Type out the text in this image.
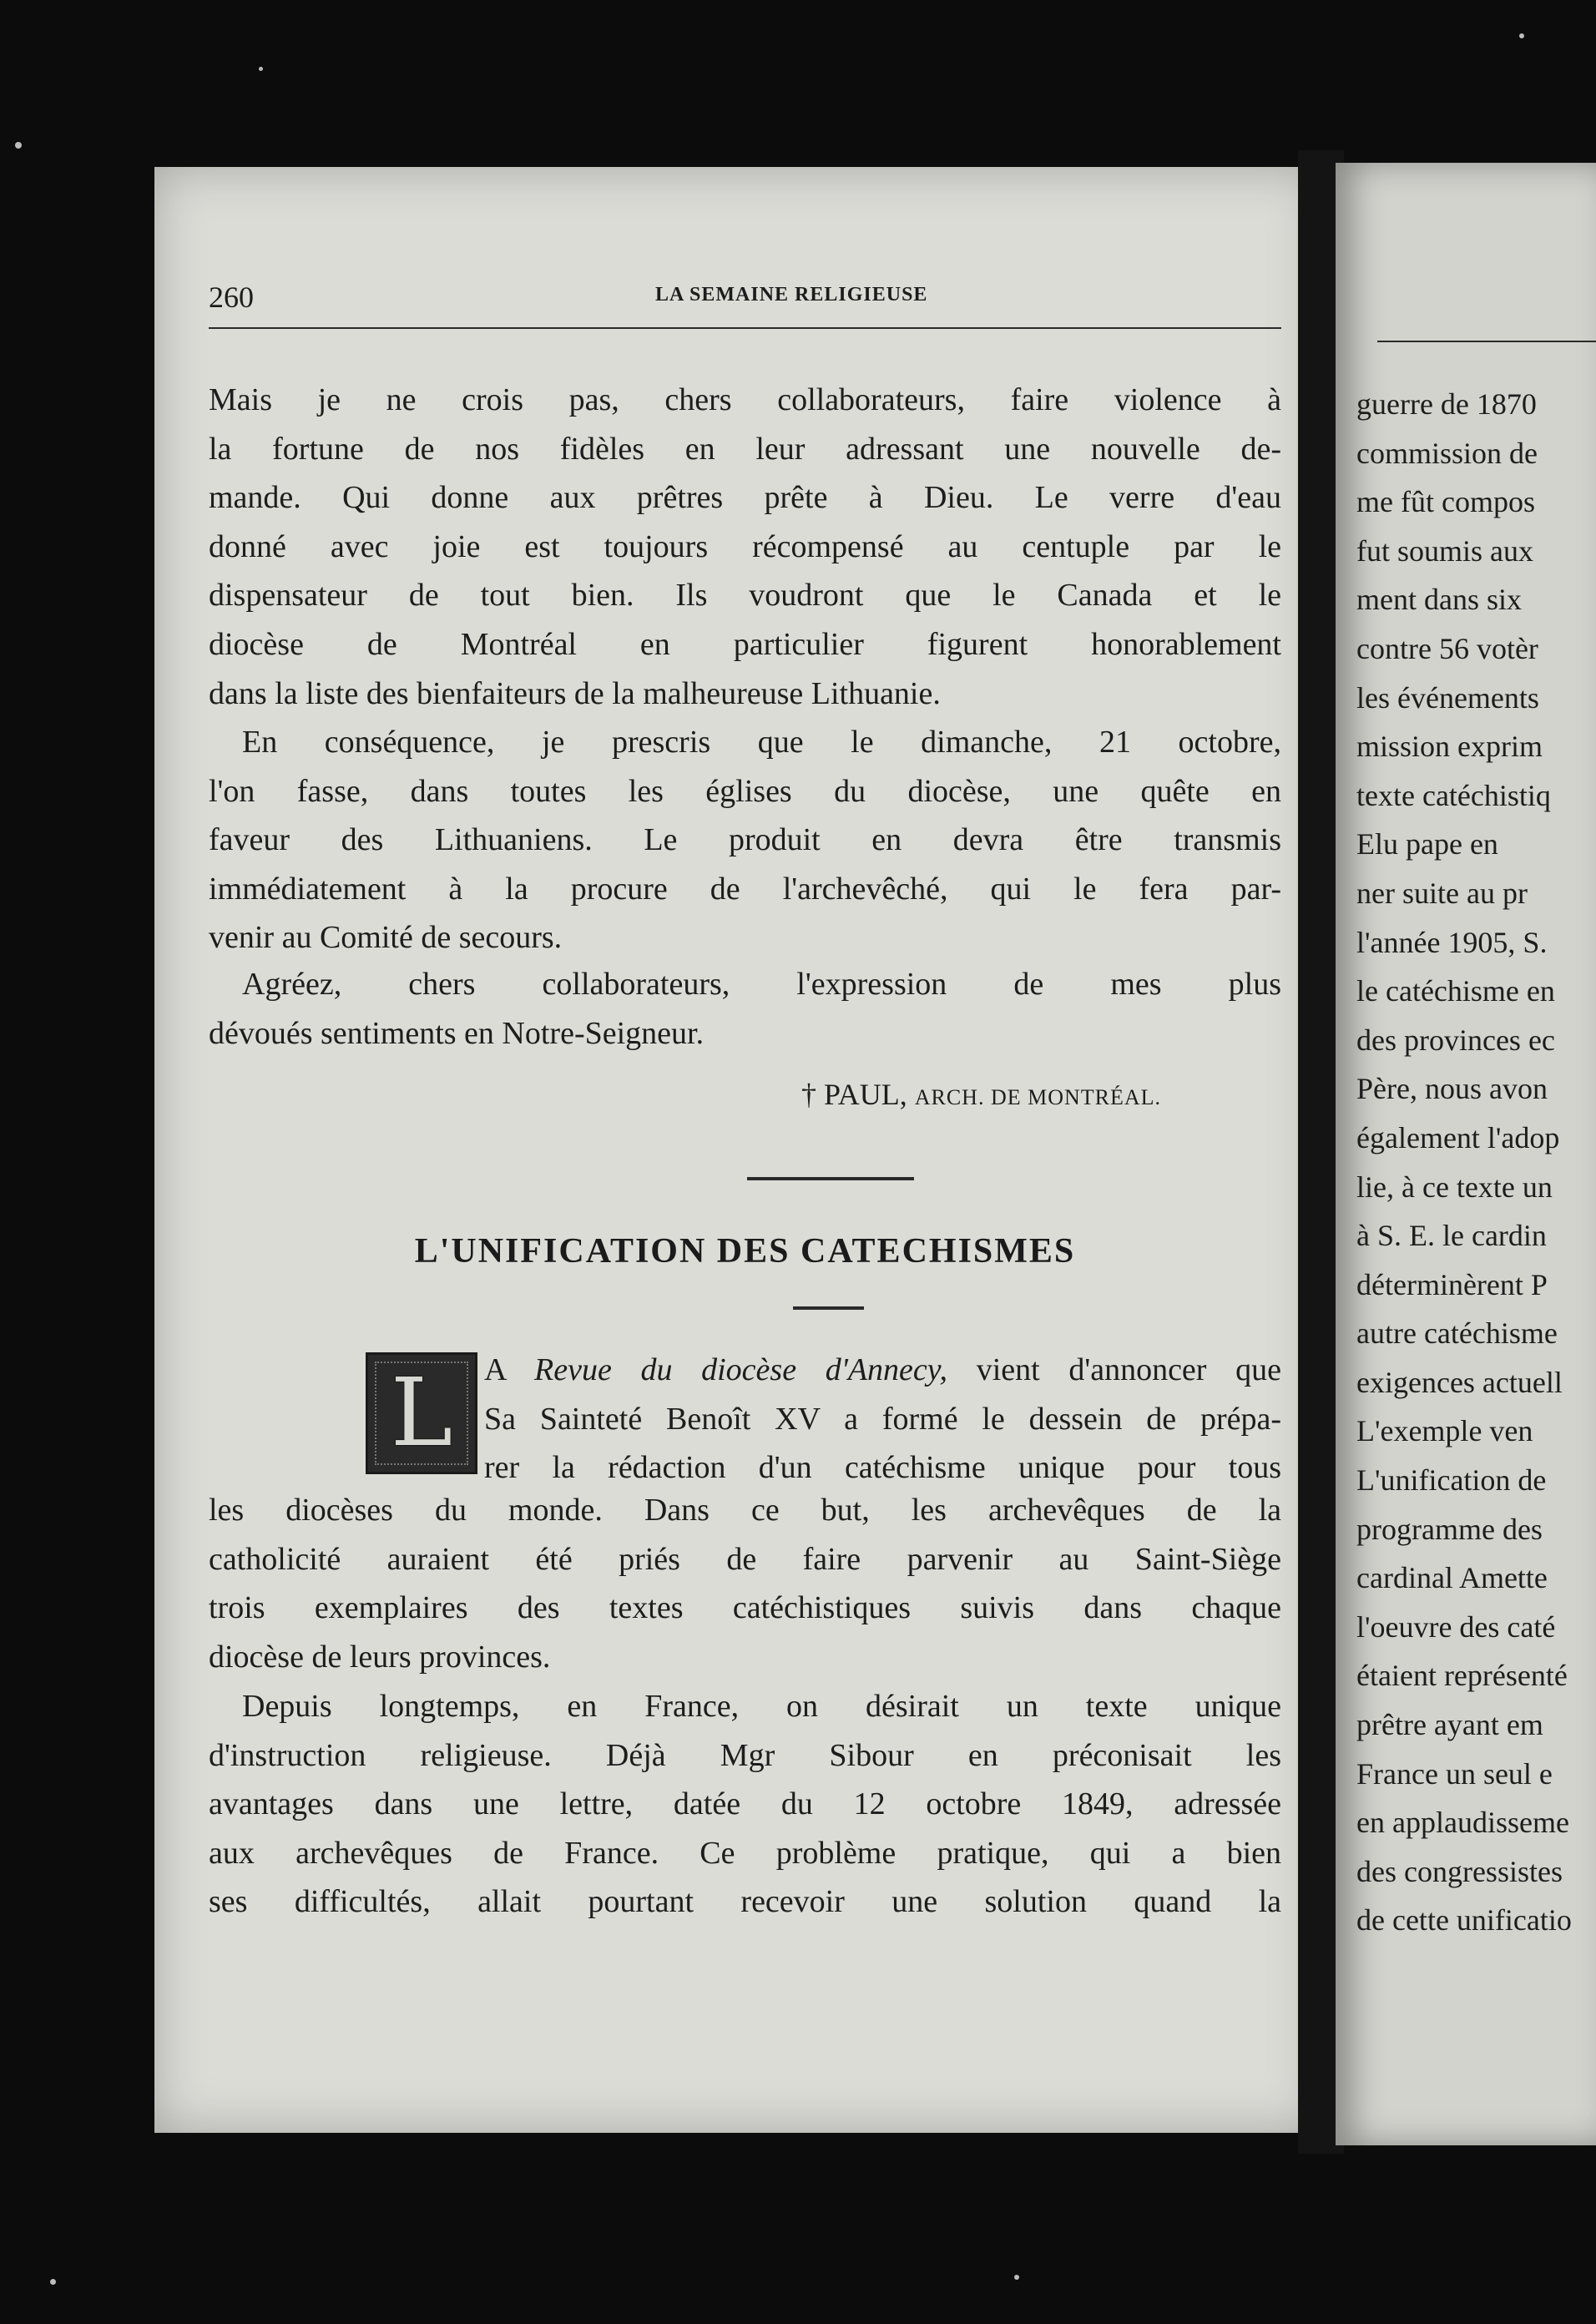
260	LA SEMAINE RELIGIEUSE
Mais je ne crois pas, chers collaborateurs, faire violence à
la fortune de nos fidèles en leur adressant une nouvelle de-
mande. Qui donne aux prêtres prête à Dieu. Le verre d'eau
donné avec joie est toujours récompensé au centuple par le
dispensateur de tout bien. Ils voudront que le Canada et le
diocèse de Montréal en particulier figurent honorablement
dans la liste des bienfaiteurs de la malheureuse Lithuanie.
En conséquence, je prescris que le dimanche, 21 octobre,
l'on fasse, dans toutes les églises du diocèse, une quête en
faveur des Lithuaniens. Le produit en devra être transmis
immédiatement à la procure de l'archevêché, qui le fera par-
venir au Comité de secours.
Agréez, chers collaborateurs, l'expression de mes plus
dévoués sentiments en Notre-Seigneur.
† PAUL, ARCH. DE MONTRÉAL.
L'UNIFICATION DES CATECHISMES
L A Revue du diocèse d'Annecy, vient d'annoncer que
Sa Sainteté Benoît XV a formé le dessein de prépa-
rer la rédaction d'un catéchisme unique pour tous
les diocèses du monde. Dans ce but, les archevêques de la
catholicité auraient été priés de faire parvenir au Saint-Siège
trois exemplaires des textes catéchistiques suivis dans chaque
diocèse de leurs provinces.
Depuis longtemps, en France, on désirait un texte unique
d'instruction religieuse. Déjà Mgr Sibour en préconisait les
avantages dans une lettre, datée du 12 octobre 1849, adressée
aux archevêques de France. Ce problème pratique, qui a bien
ses difficultés, allait pourtant recevoir une solution quand la
guerre de 1870
commission de
me fût compos
fut soumis aux
ment dans six
contre 56 votèr
les événements
mission exprim
texte catéchistiq
Elu pape en
ner suite au pr
l'année 1905, S.
le catéchisme en
des provinces ec
Père, nous avon
également l'adop
lie, à ce texte un
à S. E. le cardin
déterminèrent P
autre catéchisme
exigences actuell
L'exemple ven
L'unification de
programme des
cardinal Amette
l'oeuvre des caté
étaient représenté
prêtre ayant em
France un seul e
en applaudisseme
des congressistes
de cette unificatio
